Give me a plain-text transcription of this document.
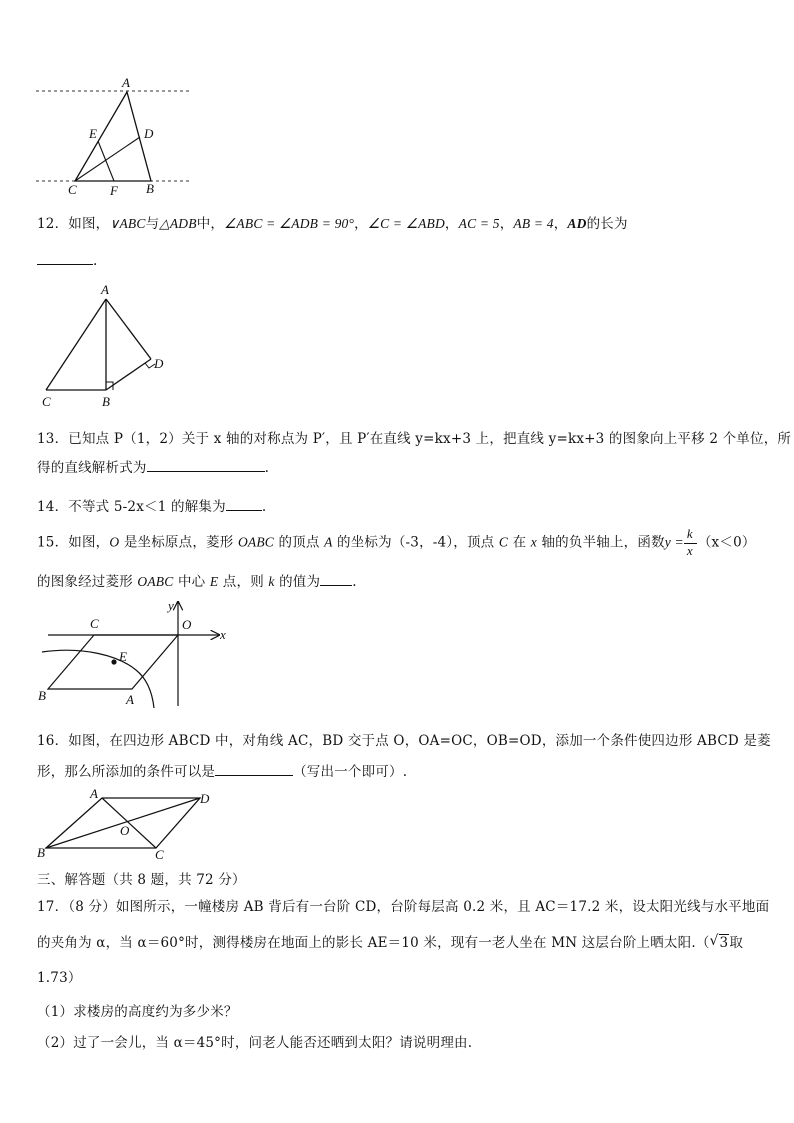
A
E	D
C	F B
12．如图，∨ABC与△ADB中，∠ABC = ∠ADB = 90°，∠C = ∠ABD，AC = 5，AB = 4，AD的长为
.
A
D
C	B
13．已知点 P（1，2）关于 x 轴的对称点为 P′，且 P′在直线 y=kx+3 上，把直线 y=kx+3 的图象向上平移 2 个单位，所
得的直线解析式为	.
14．不等式 5-2x＜1 的解集为	.
15．如图，O 是坐标原点，菱形 OABC 的顶点 A 的坐标为（-3，-4），顶点 C 在 x 轴的负半轴上，函数$y = \frac{k}{x} (x<0)$
的图象经过菱形 OABC 中心 E 点，则 k 的值为 .
y
C	O
x
E
B	A
16．如图，在四边形 ABCD 中，对角线 AC，BD 交于点 O，OA=OC，OB=OD，添加一个条件使四边形 ABCD 是菱
形，那么所添加的条件可以是	（写出一个即可）.
A	D
O
B	C
三、解答题（共 8 题，共 72 分）
17．（8 分）如图所示，一幢楼房 AB 背后有一台阶 CD，台阶每层高 0.2 米，且 AC＝17.2 米，设太阳光线与水平地面
的夹角为 α，当 α＝60°时，测得楼房在地面上的影长 AE＝10 米，现有一老人坐在 MN 这层台阶上晒太阳.（ √ 3取
1.73）
（1）求楼房的高度约为多少米？
（2）过了一会儿，当 α＝45°时，问老人能否还晒到太阳？请说明理由.
